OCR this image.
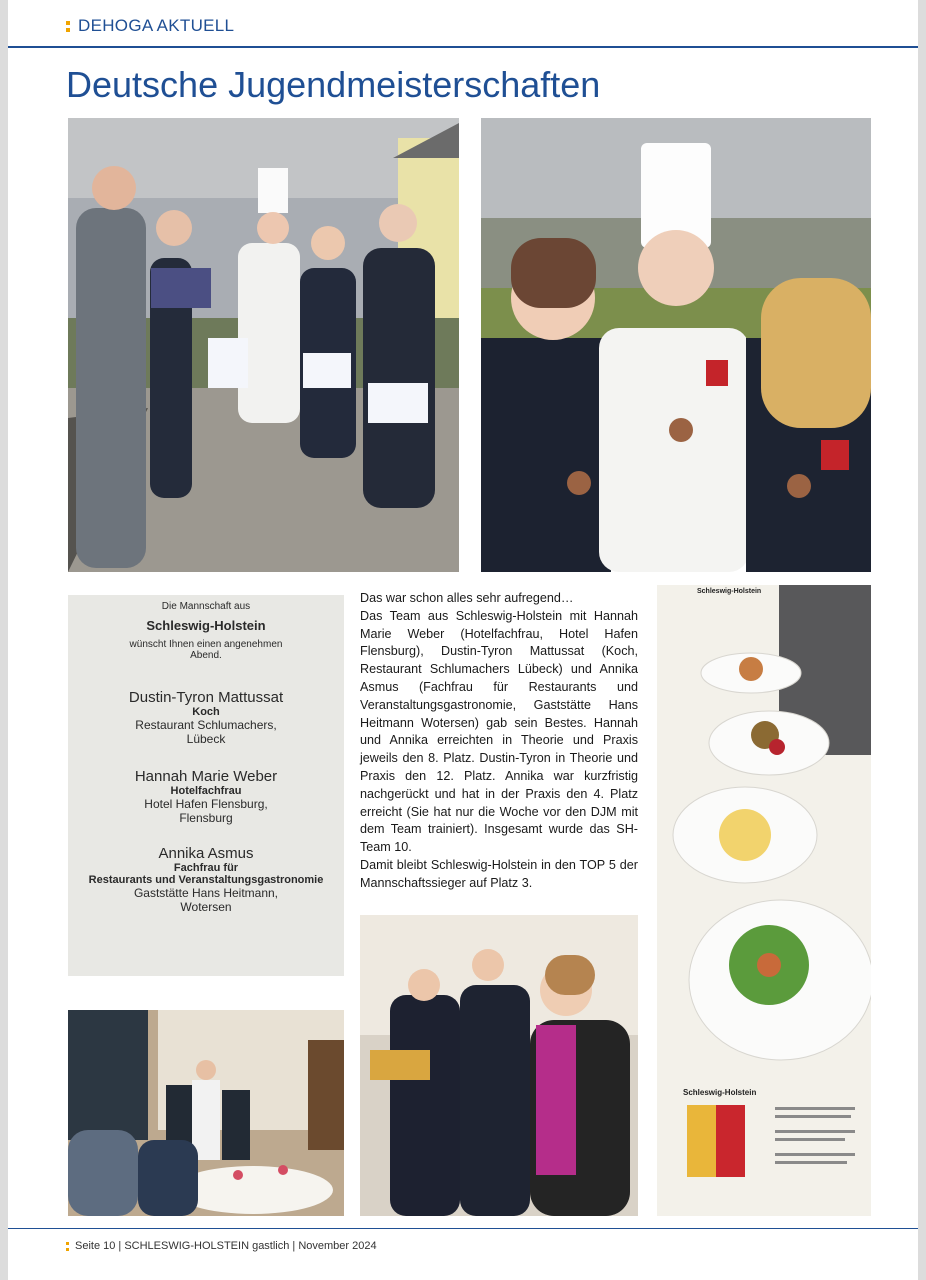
DEHOGA AKTUELL
Deutsche Jugendmeisterschaften
Die Mannschaft aus
Schleswig-Holstein
wünscht Ihnen einen angenehmen
Abend.
Dustin-Tyron Mattussat
Koch
Restaurant Schlumachers,
Lübeck
Hannah Marie Weber
Hotelfachfrau
Hotel Hafen Flensburg,
Flensburg
Annika Asmus
Fachfrau für
Restaurants und Veranstaltungsgastronomie
Gaststätte Hans Heitmann,
Wotersen

Das war schon alles sehr aufregend…

Das Team aus Schleswig-Holstein mit Hannah Marie Weber (Hotelfachfrau, Hotel Hafen Flensburg), Dustin-Tyron Mattussat (Koch, Restaurant Schlumachers Lübeck) und Annika Asmus (Fachfrau für Restaurants und Veranstaltungsgastronomie, Gaststätte Hans Heitmann Wotersen) gab sein Bestes. Hannah und Annika erreichten in Theorie und Praxis jeweils den 8. Platz. Dustin-Tyron in Theorie und Praxis den 12. Platz. Annika war kurzfristig nachgerückt und hat in der Praxis den 4. Platz erreicht (Sie hat nur die Woche vor den DJM mit dem Team trainiert). Insgesamt wurde das SH-Team 10.

Damit bleibt Schleswig-Holstein in den TOP 5 der Mannschaftssieger auf Platz 3.

Schleswig-Holstein
Schleswig-Holstein
Seite 10 | SCHLESWIG-HOLSTEIN gastlich | November 2024
